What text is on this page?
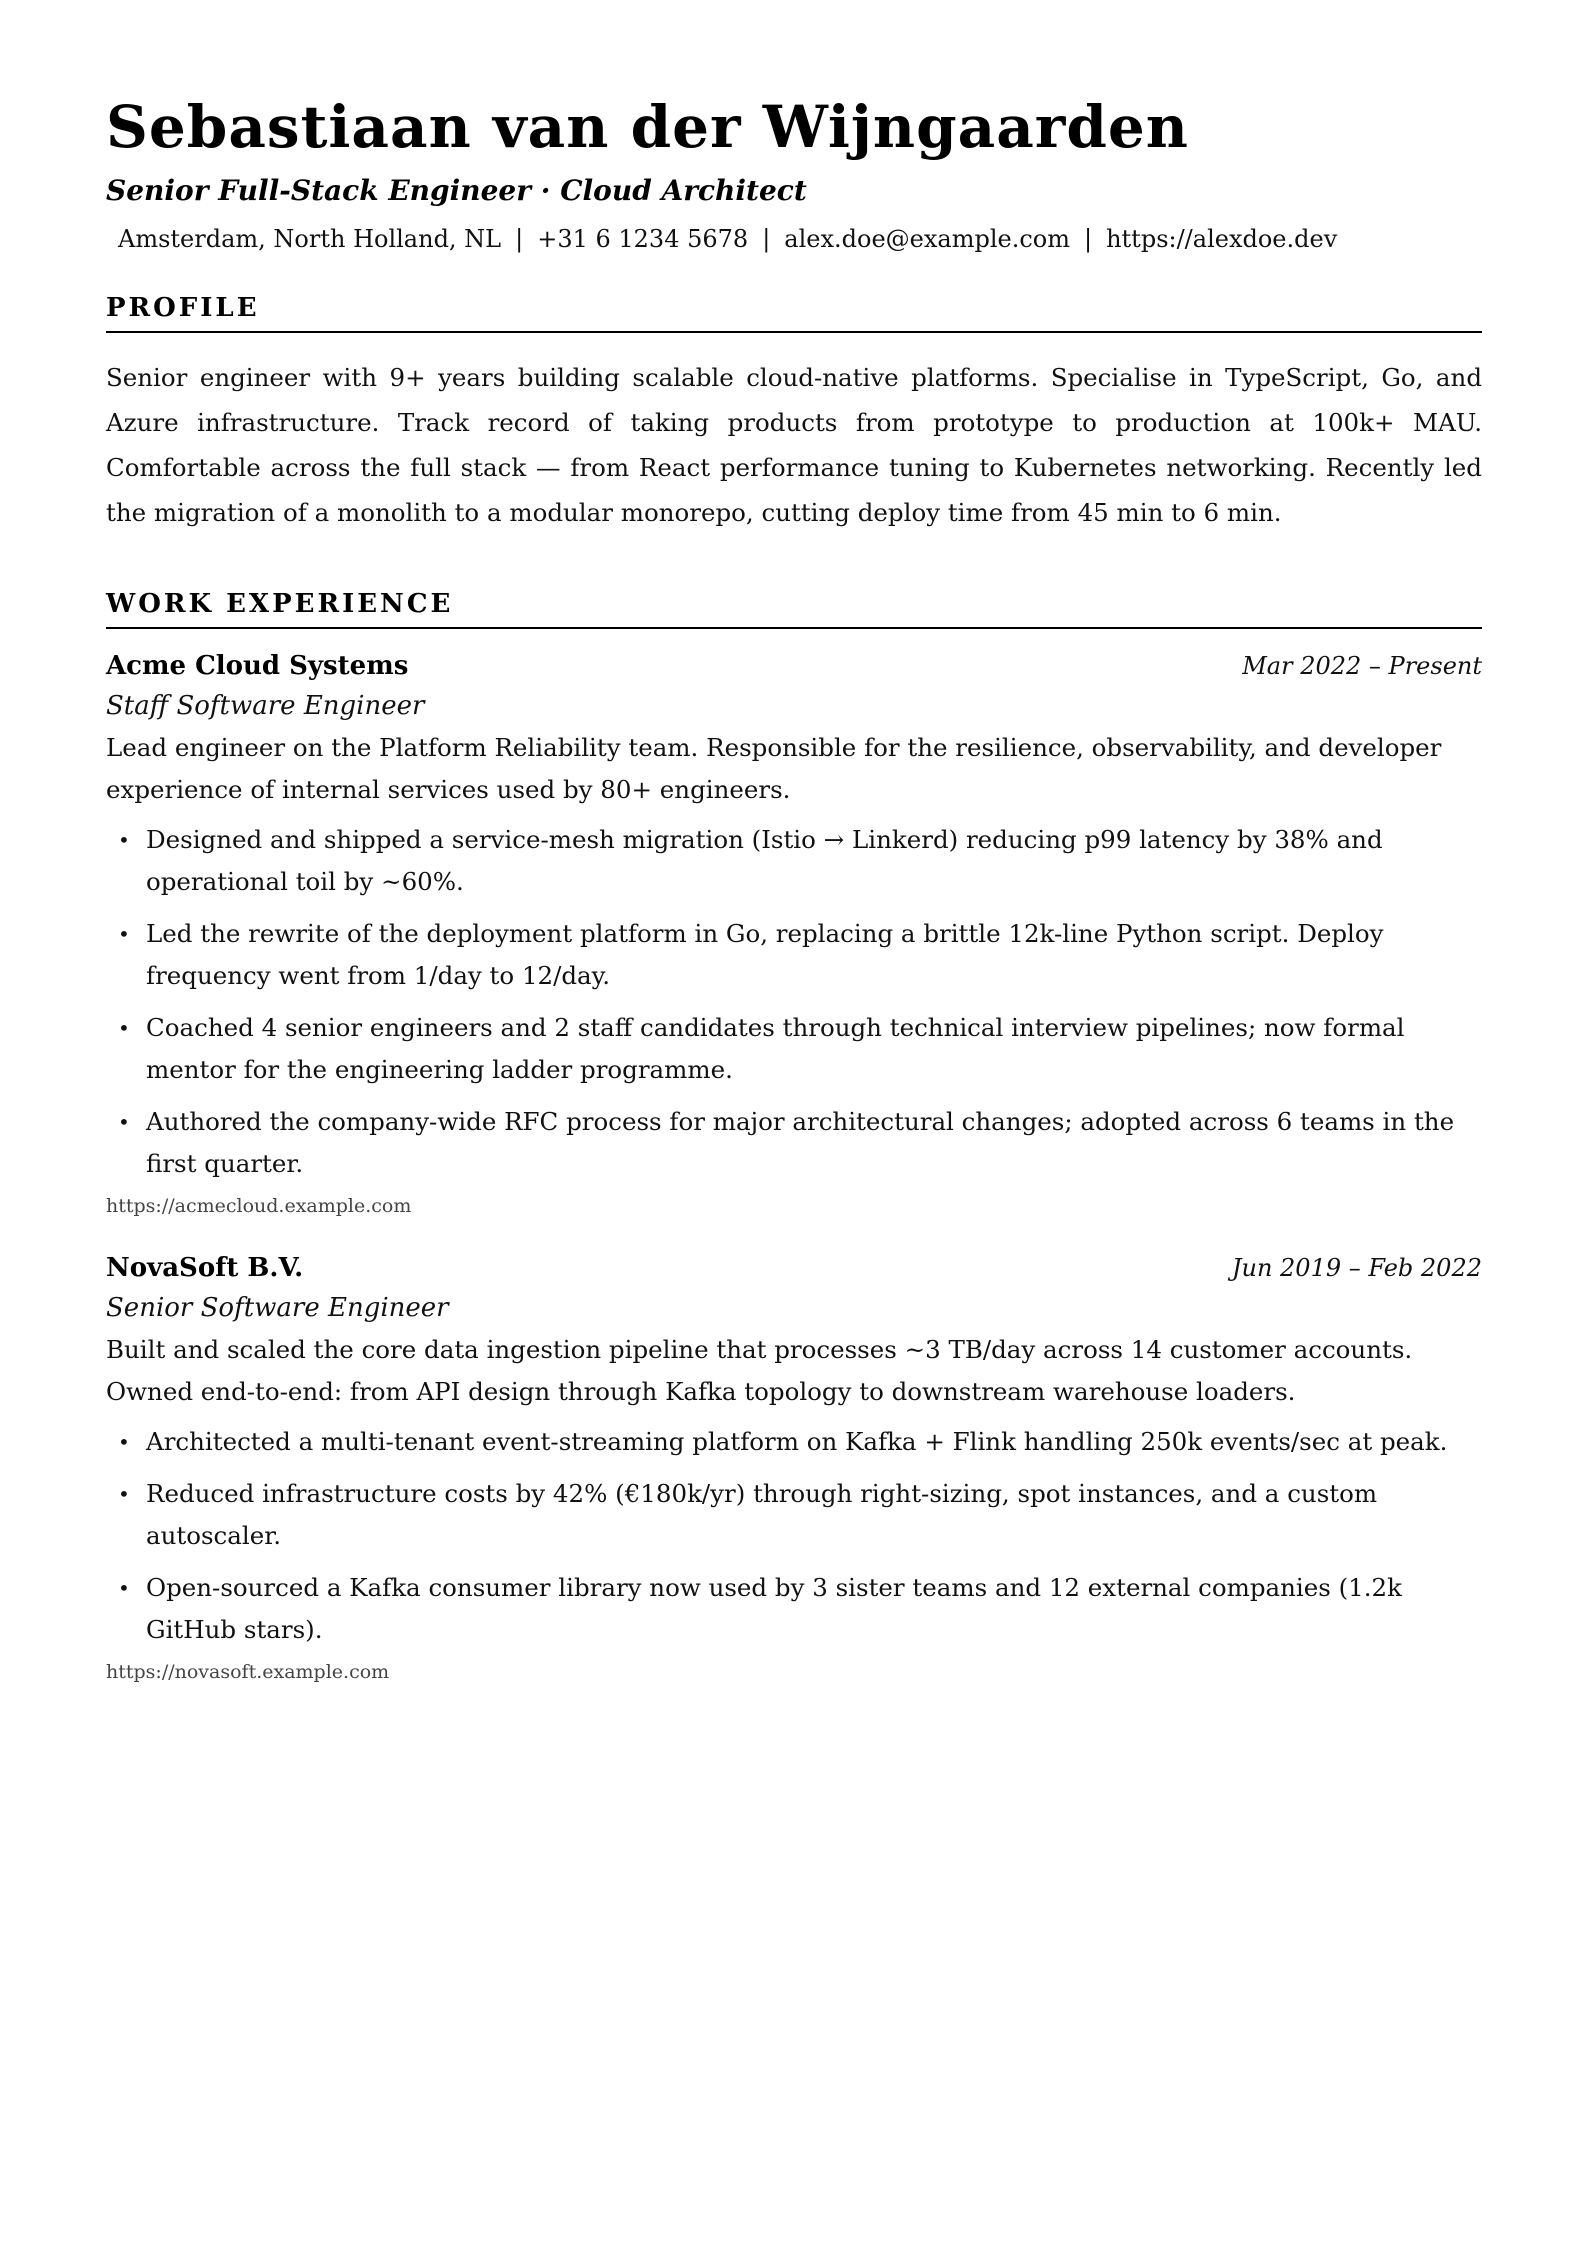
Sebastiaan van der Wijngaarden
Senior Full-Stack Engineer · Cloud Architect
Amsterdam, North Holland, NL | +31 6 1234 5678 | alex.doe@example.com | https://alexdoe.dev
PROFILE

Senior engineer with 9+ years building scalable cloud-native platforms. Specialise in TypeScript, Go, and Azure infrastructure. Track record of taking products from prototype to production at 100k+ MAU. Comfortable across the full stack — from React performance tuning to Kubernetes networking. Recently led the migration of a monolith to a modular monorepo, cutting deploy time from 45 min to 6 min.

WORK EXPERIENCE
Acme Cloud Systems	Mar 2022 – Present
Staff Software Engineer
Lead engineer on the Platform Reliability team. Responsible for the resilience, observability, and developer experience of internal services used by 80+ engineers.
• Designed and shipped a service-mesh migration (Istio → Linkerd) reducing p99 latency by 38% and operational toil by ~60%.
• Led the rewrite of the deployment platform in Go, replacing a brittle 12k-line Python script. Deploy frequency went from 1/day to 12/day.
• Coached 4 senior engineers and 2 staff candidates through technical interview pipelines; now formal mentor for the engineering ladder programme.
• Authored the company-wide RFC process for major architectural changes; adopted across 6 teams in the first quarter.
https://acmecloud.example.com
NovaSoft B.V.	Jun 2019 – Feb 2022
Senior Software Engineer
Built and scaled the core data ingestion pipeline that processes ~3 TB/day across 14 customer accounts. Owned end-to-end: from API design through Kafka topology to downstream warehouse loaders.
• Architected a multi-tenant event-streaming platform on Kafka + Flink handling 250k events/sec at peak.
• Reduced infrastructure costs by 42% (€180k/yr) through right-sizing, spot instances, and a custom autoscaler.
• Open-sourced a Kafka consumer library now used by 3 sister teams and 12 external companies (1.2k GitHub stars).
https://novasoft.example.com
